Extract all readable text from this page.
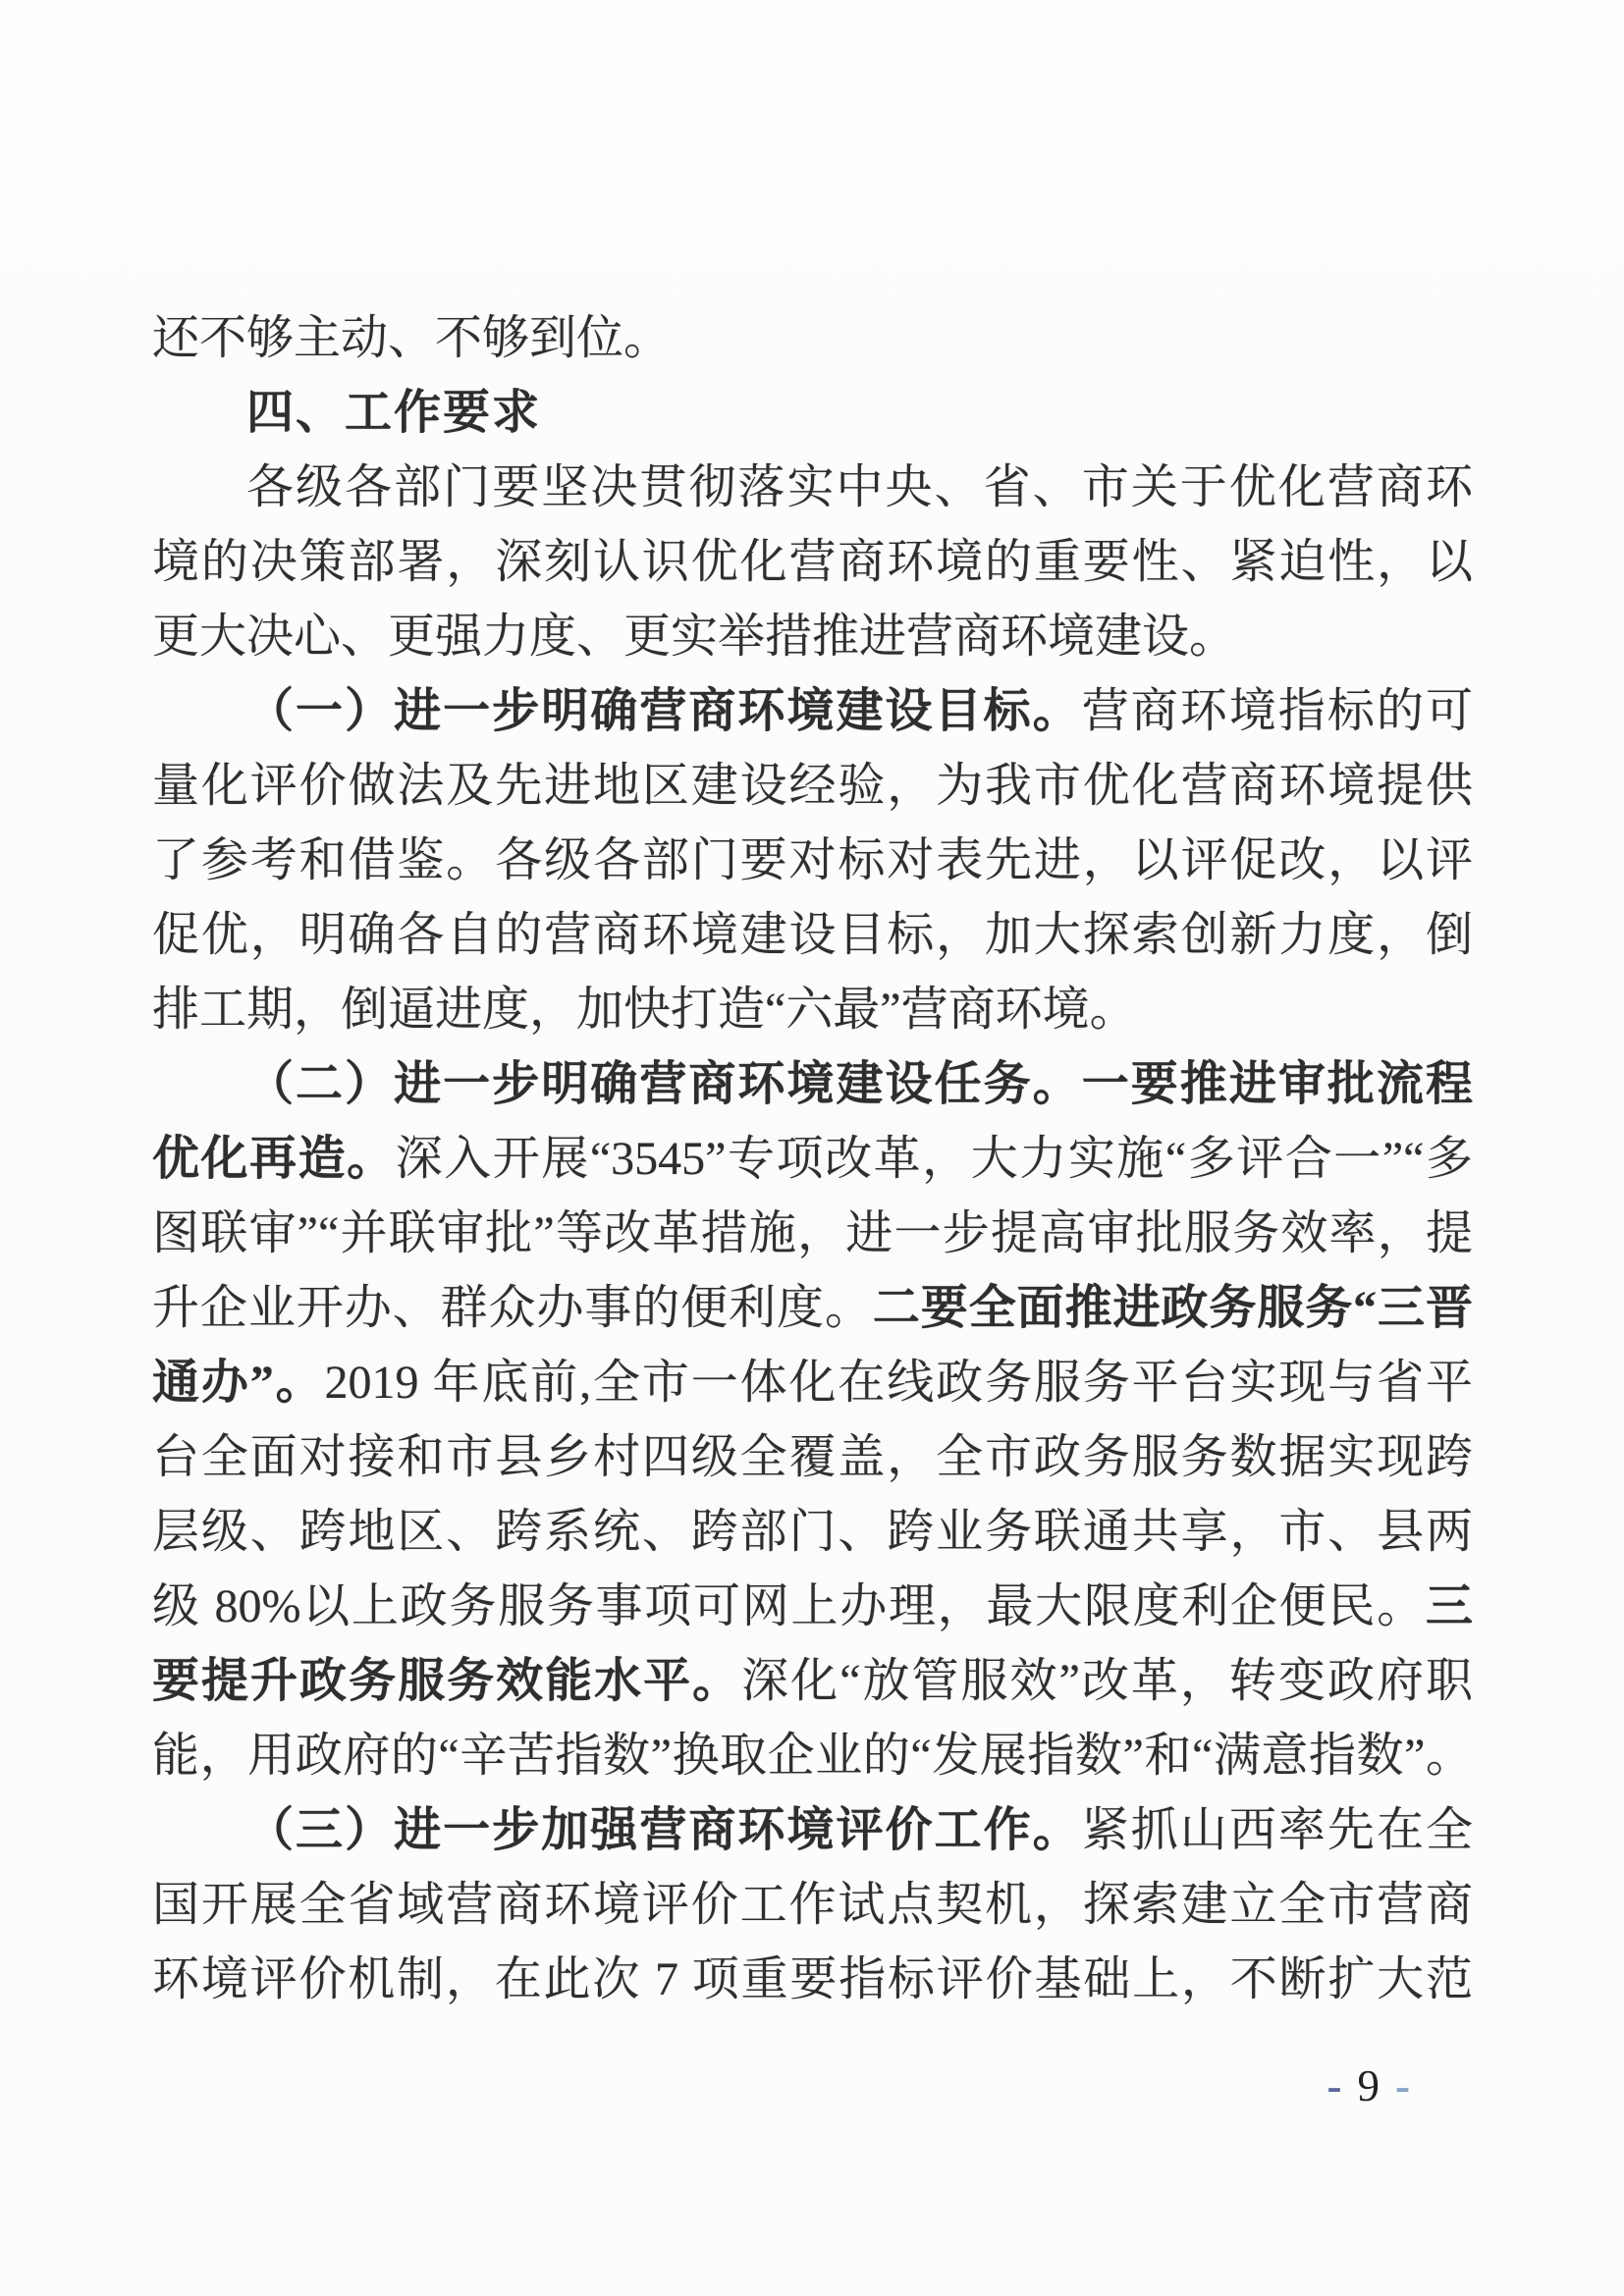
还不够主动、不够到位。
四、工作要求
各级各部门要坚决贯彻落实中央、省、市关于优化营商环
境的决策部署，深刻认识优化营商环境的重要性、紧迫性，以
更大决心、更强力度、更实举措推进营商环境建设。
（一）进一步明确营商环境建设目标。营商环境指标的可
量化评价做法及先进地区建设经验，为我市优化营商环境提供
了参考和借鉴。各级各部门要对标对表先进，以评促改，以评
促优，明确各自的营商环境建设目标，加大探索创新力度，倒
排工期，倒逼进度，加快打造“六最”营商环境。
（二）进一步明确营商环境建设任务。一要推进审批流程
优化再造。深入开展“3545”专项改革，大力实施“多评合一”“多
图联审”“并联审批”等改革措施，进一步提高审批服务效率，提
升企业开办、群众办事的便利度。二要全面推进政务服务“三晋
通办”。2019 年底前,全市一体化在线政务服务平台实现与省平
台全面对接和市县乡村四级全覆盖，全市政务服务数据实现跨
层级、跨地区、跨系统、跨部门、跨业务联通共享，市、县两
级 80%以上政务服务事项可网上办理，最大限度利企便民。三
要提升政务服务效能水平。深化“放管服效”改革，转变政府职
能，用政府的“辛苦指数”换取企业的“发展指数”和“满意指数”。
（三）进一步加强营商环境评价工作。紧抓山西率先在全
国开展全省域营商环境评价工作试点契机，探索建立全市营商
环境评价机制，在此次 7 项重要指标评价基础上，不断扩大范
- 9 -
